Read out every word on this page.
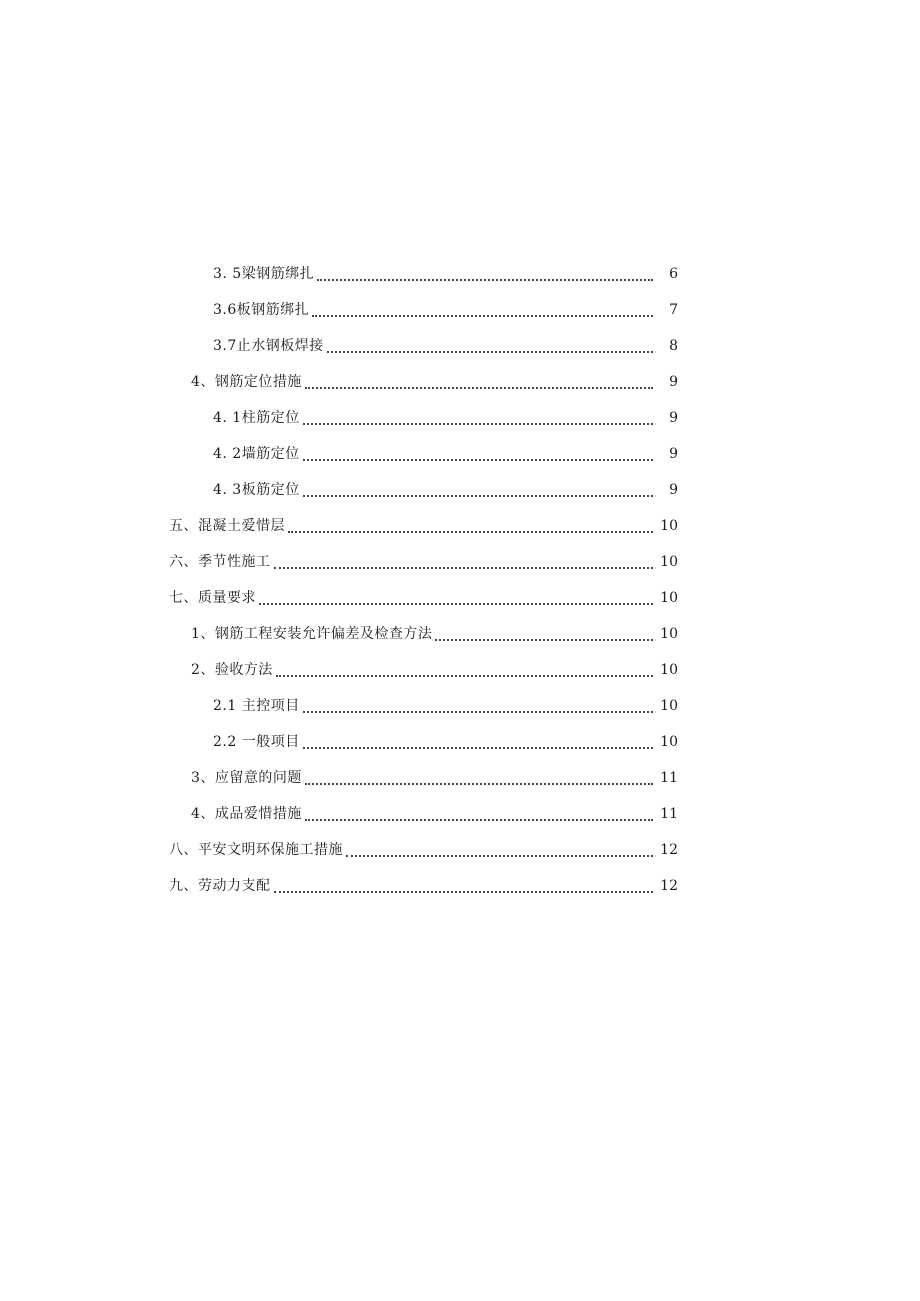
3. 5梁钢筋绑扎	6
3.6板钢筋绑扎	7
3.7止水钢板焊接	8
4、钢筋定位措施	9
4. 1柱筋定位	9
4. 2墙筋定位	9
4. 3板筋定位	9
五、混凝土爱惜层	10
六、季节性施工	10
七、质量要求	10
1、钢筋工程安装允许偏差及检查方法	10
2、验收方法	10
2.1 主控项目	10
2.2 一般项目	10
3、应留意的问题	11
4、成品爱惜措施	11
八、平安文明环保施工措施	12
九、劳动力支配	12
